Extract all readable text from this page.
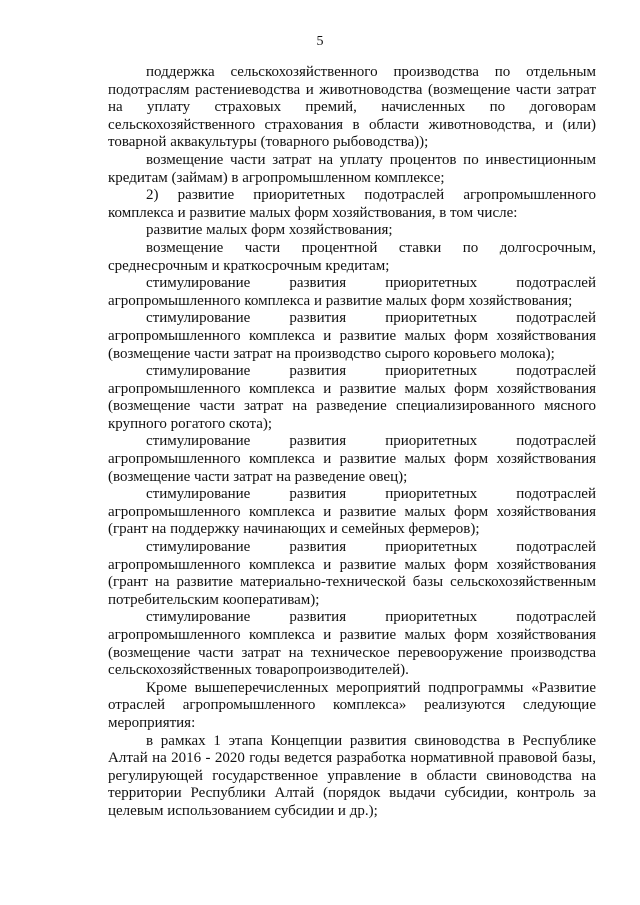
5

поддержка сельскохозяйственного производства по отдельным подотраслям растениеводства и животноводства (возмещение части затрат на уплату страховых премий, начисленных по договорам сельскохозяйственного страхования в области животноводства, и (или) товарной аквакультуры (товарного рыбоводства));

возмещение части затрат на уплату процентов по инвестиционным кредитам (займам) в агропромышленном комплексе;

2) развитие приоритетных подотраслей агропромышленного комплекса и развитие малых форм хозяйствования, в том числе:

развитие малых форм хозяйствования;

возмещение части процентной ставки по долгосрочным, среднесрочным и краткосрочным кредитам;

стимулирование развития приоритетных подотраслей агропромышленного комплекса и развитие малых форм хозяйствования;

стимулирование развития приоритетных подотраслей агропромышленного комплекса и развитие малых форм хозяйствования (возмещение части затрат на производство сырого коровьего молока);

стимулирование развития приоритетных подотраслей агропромышленного комплекса и развитие малых форм хозяйствования (возмещение части затрат на разведение специализированного мясного крупного рогатого скота);

стимулирование развития приоритетных подотраслей агропромышленного комплекса и развитие малых форм хозяйствования (возмещение части затрат на разведение овец);

стимулирование развития приоритетных подотраслей агропромышленного комплекса и развитие малых форм хозяйствования (грант на поддержку начинающих и семейных фермеров);

стимулирование развития приоритетных подотраслей агропромышленного комплекса и развитие малых форм хозяйствования (грант на развитие материально-технической базы сельскохозяйственным потребительским кооперативам);

стимулирование развития приоритетных подотраслей агропромышленного комплекса и развитие малых форм хозяйствования (возмещение части затрат на техническое перевооружение производства сельскохозяйственных товаропроизводителей).

Кроме вышеперечисленных мероприятий подпрограммы «Развитие отраслей агропромышленного комплекса» реализуются следующие мероприятия:

в рамках 1 этапа Концепции развития свиноводства в Республике Алтай на 2016 - 2020 годы ведется разработка нормативной правовой базы, регулирующей государственное управление в области свиноводства на территории Республики Алтай (порядок выдачи субсидии, контроль за целевым использованием субсидии и др.);
